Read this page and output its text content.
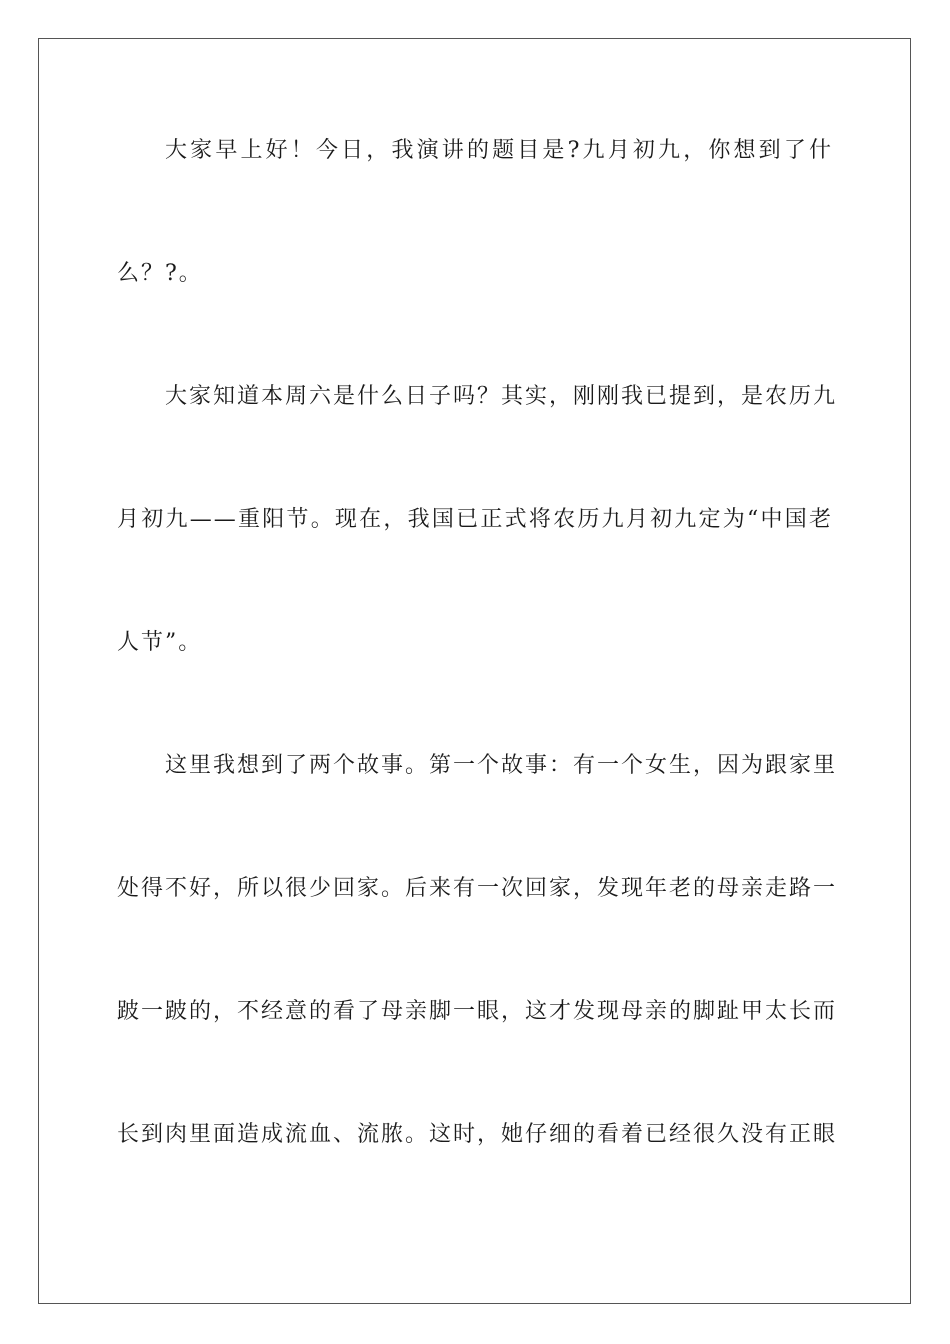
大家早上好！今日，我演讲的题目是?九月初九，你想到了什
么？?。
大家知道本周六是什么日子吗？其实，刚刚我已提到，是农历九
月初九——重阳节。现在，我国已正式将农历九月初九定为“中国老
人节”。
这里我想到了两个故事。第一个故事：有一个女生，因为跟家里
处得不好，所以很少回家。后来有一次回家，发现年老的母亲走路一
跛一跛的，不经意的看了母亲脚一眼，这才发现母亲的脚趾甲太长而
长到肉里面造成流血、流脓。这时，她仔细的看着已经很久没有正眼
